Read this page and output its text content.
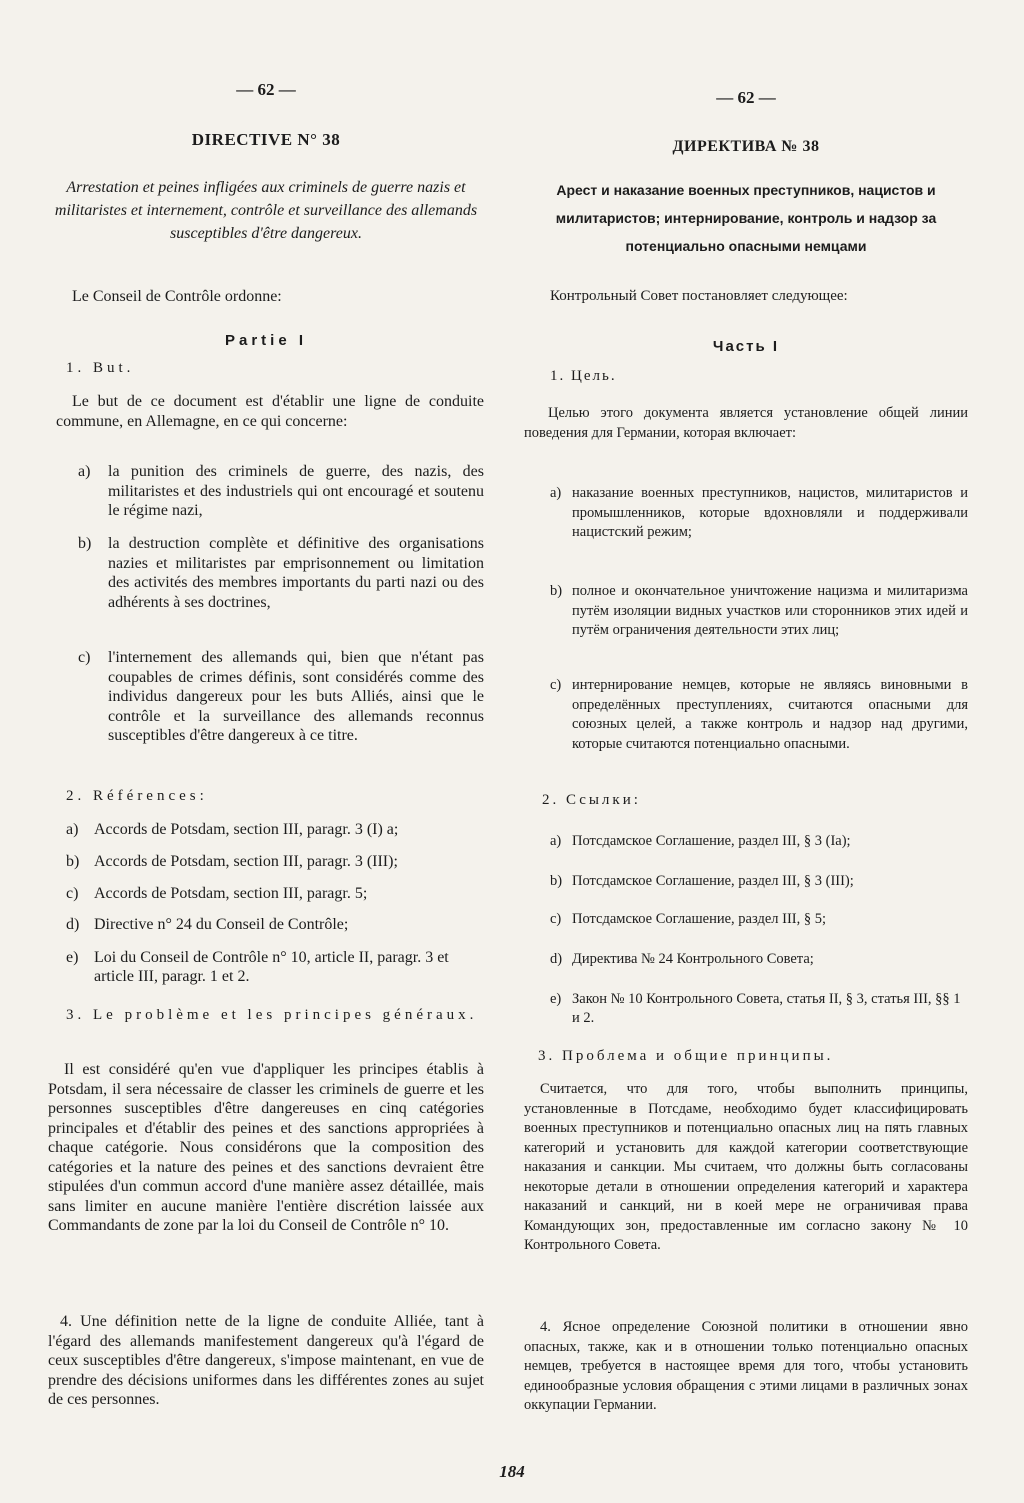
— 62 —
DIRECTIVE N° 38
Arrestation et peines infligées aux criminels de guerre nazis et militaristes et internement, contrôle et surveillance des allemands susceptibles d'être dangereux.
Le Conseil de Contrôle ordonne:
Partie I
1. But.
Le but de ce document est d'établir une ligne de conduite commune, en Allemagne, en ce qui concerne:
a)	la punition des criminels de guerre, des nazis, des militaristes et des industriels qui ont encouragé et soutenu le régime nazi,
b)	la destruction complète et définitive des organisations nazies et militaristes par emprisonnement ou limitation des activités des membres importants du parti nazi ou des adhérents à ses doctrines,
c)	l'internement des allemands qui, bien que n'étant pas coupables de crimes définis, sont considérés comme des individus dangereux pour les buts Alliés, ainsi que le contrôle et la surveillance des allemands reconnus susceptibles d'être dangereux à ce titre.
2. Références:
a) Accords de Potsdam, section III, paragr. 3 (I) a;
b) Accords de Potsdam, section III, paragr. 3 (III);
c) Accords de Potsdam, section III, paragr. 5;
d) Directive n° 24 du Conseil de Contrôle;
e) Loi du Conseil de Contrôle n° 10, article II, paragr. 3 et article III, paragr. 1 et 2.
3. Le problème et les principes généraux.
Il est considéré qu'en vue d'appliquer les principes établis à Potsdam, il sera nécessaire de classer les criminels de guerre et les personnes susceptibles d'être dangereuses en cinq catégories principales et d'établir des peines et des sanctions appropriées à chaque catégorie. Nous considérons que la composition des catégories et la nature des peines et des sanctions devraient être stipulées d'un commun accord d'une manière assez détaillée, mais sans limiter en aucune manière l'entière discrétion laissée aux Commandants de zone par la loi du Conseil de Contrôle n° 10.
4. Une définition nette de la ligne de conduite Alliée, tant à l'égard des allemands manifestement dangereux qu'à l'égard de ceux susceptibles d'être dangereux, s'impose maintenant, en vue de prendre des décisions uniformes dans les différentes zones au sujet de ces personnes.
— 62 —
ДИРЕКТИВА № 38
Арест и наказание военных преступников, нацистов и милитаристов; интернирование, контроль и надзор за потенциально опасными немцами
Контрольный Совет постановляет следующее:
Часть I
1. Цель.
Целью этого документа является установление общей линии поведения для Германии, которая включает:
a) наказание военных преступников, нацистов, милитаристов и промышленников, которые вдохновляли и поддерживали нацистский режим;
b) полное и окончательное уничтожение нацизма и милитаризма путём изоляции видных участков или сторонников этих идей и путём ограничения деятельности этих лиц;
c) интернирование немцев, которые не являясь виновными в определённых преступлениях, считаются опасными для союзных целей, а также контроль и надзор над другими, которые считаются потенциально опасными.
2. Ссылки:
a) Потсдамское Соглашение, раздел III, § 3 (Ia);
b) Потсдамское Соглашение, раздел III, § 3 (III);
c) Потсдамское Соглашение, раздел III, § 5;
d) Директива № 24 Контрольного Совета;
e) Закон № 10 Контрольного Совета, статья II, § 3, статья III, §§ 1 и 2.
3. Проблема и общие принципы.
Считается, что для того, чтобы выполнить принципы, установленные в Потсдаме, необходимо будет классифицировать военных преступников и потенциально опасных лиц на пять главных категорий и установить для каждой категории соответствующие наказания и санкции. Мы считаем, что должны быть согласованы некоторые детали в отношении определения категорий и характера наказаний и санкций, ни в коей мере не ограничивая права Командующих зон, предоставленные им согласно закону № 10 Контрольного Совета.
4. Ясное определение Союзной политики в отношении явно опасных, также, как и в отношении только потенциально опасных немцев, требуется в настоящее время для того, чтобы установить единообразные условия обращения с этими лицами в различных зонах оккупации Германии.
184
